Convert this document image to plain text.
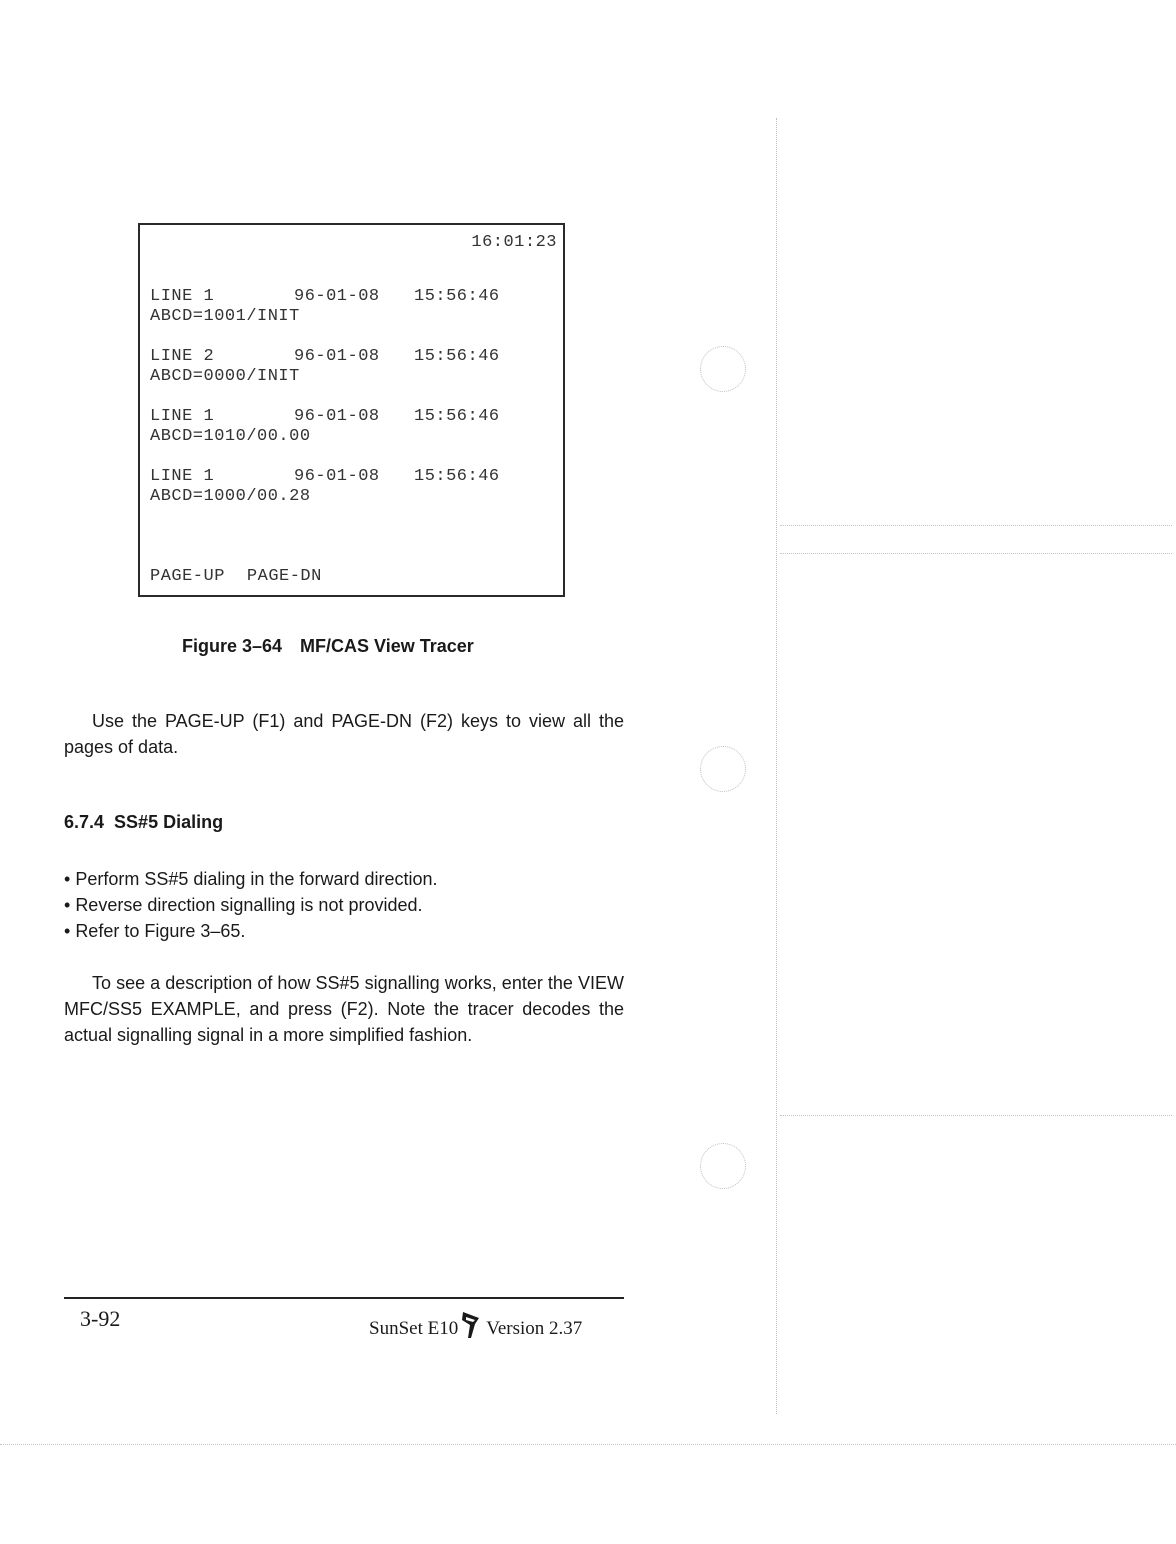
16:01:23
LINE 1	96-01-08 15:56:46
ABCD=1001/INIT
LINE 2	96-01-08 15:56:46
ABCD=0000/INIT
LINE 1	96-01-08 15:56:46
ABCD=1010/00.00
LINE 1	96-01-08 15:56:46
ABCD=1000/00.28
PAGE-UP PAGE-DN
Figure 3–64 MF/CAS View Tracer
Use the PAGE-UP (F1) and PAGE-DN (F2) keys to view all the pages of data.
6.7.4 SS#5 Dialing
• Perform SS#5 dialing in the forward direction.
• Reverse direction signalling is not provided.
• Refer to Figure 3–65.
To see a description of how SS#5 signalling works, enter the VIEW MFC/SS5 EXAMPLE, and press (F2). Note the tracer decodes the actual signalling signal in a more simplified fashion.
3-92	SunSet E10 Version 2.37
